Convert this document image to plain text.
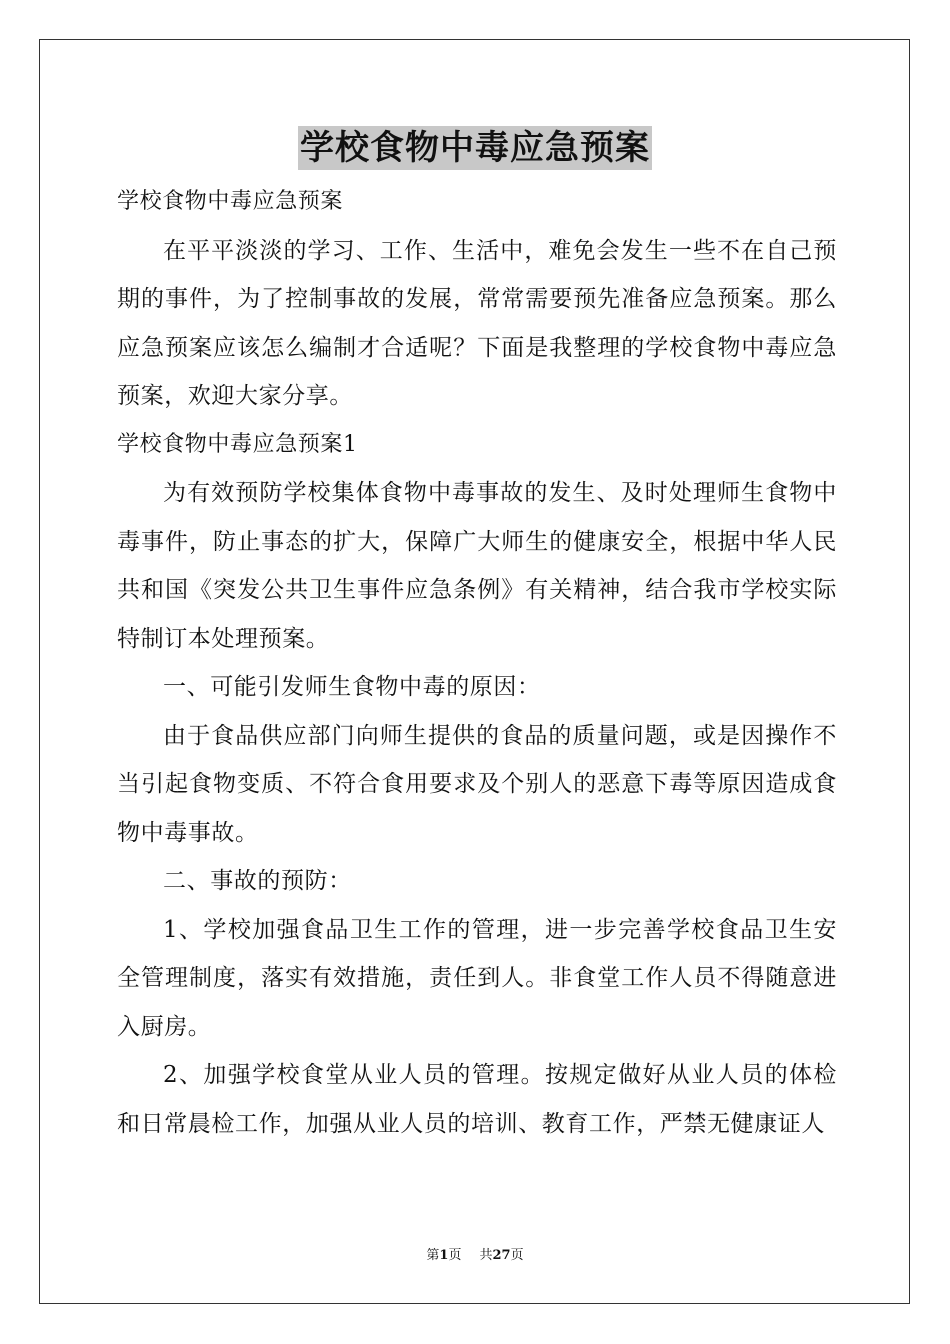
学校食物中毒应急预案

学校食物中毒应急预案

在平平淡淡的学习、工作、生活中，难免会发生一些不在自己预期的事件，为了控制事故的发展，常常需要预先准备应急预案。那么应急预案应该怎么编制才合适呢？下面是我整理的学校食物中毒应急预案，欢迎大家分享。

学校食物中毒应急预案1

为有效预防学校集体食物中毒事故的发生、及时处理师生食物中毒事件，防止事态的扩大，保障广大师生的健康安全，根据中华人民共和国《突发公共卫生事件应急条例》有关精神，结合我市学校实际特制订本处理预案。

一、可能引发师生食物中毒的原因：

由于食品供应部门向师生提供的食品的质量问题，或是因操作不当引起食物变质、不符合食用要求及个别人的恶意下毒等原因造成食物中毒事故。

二、事故的预防：

1、学校加强食品卫生工作的管理，进一步完善学校食品卫生安全管理制度，落实有效措施，责任到人。非食堂工作人员不得随意进入厨房。

2、加强学校食堂从业人员的管理。按规定做好从业人员的体检和日常晨检工作，加强从业人员的培训、教育工作，严禁无健康证人

第1页 共27页
